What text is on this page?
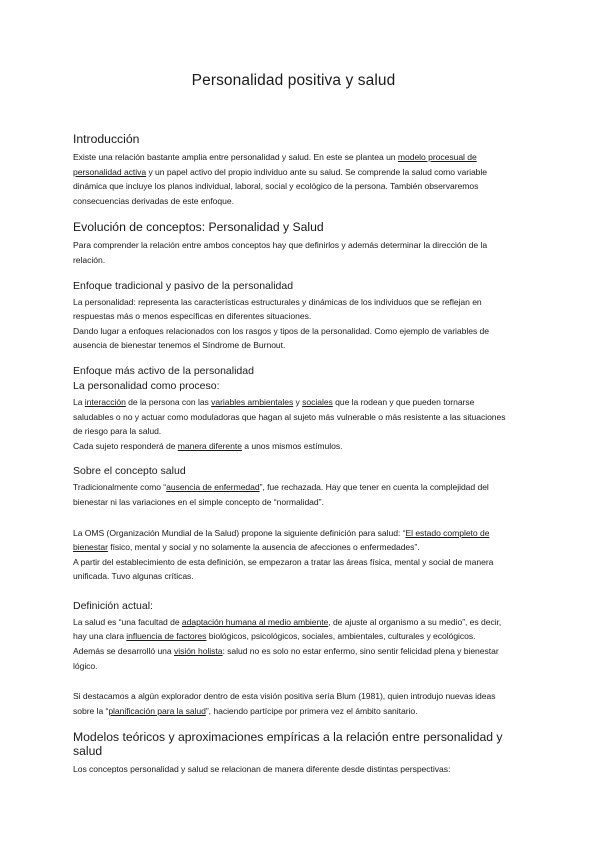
Personalidad positiva y salud
Introducción

Existe una relación bastante amplia entre personalidad y salud. En este se plantea un modelo procesual de personalidad activa y un papel activo del propio individuo ante su salud. Se comprende la salud como variable dinámica que incluye los planos individual, laboral, social y ecológico de la persona. También observaremos consecuencias derivadas de este enfoque.

Evolución de conceptos: Personalidad y Salud

Para comprender la relación entre ambos conceptos hay que definirlos y además determinar la dirección de la relación.

Enfoque tradicional y pasivo de la personalidad

La personalidad: representa las características estructurales y dinámicas de los individuos que se reflejan en respuestas más o menos específicas en diferentes situaciones.

Dando lugar a enfoques relacionados con los rasgos y tipos de la personalidad. Como ejemplo de variables de ausencia de bienestar tenemos el Síndrome de Burnout.

Enfoque más activo de la personalidad
La personalidad como proceso:

La interacción de la persona con las variables ambientales y sociales que la rodean y que pueden tornarse saludables o no y actuar como moduladoras que hagan al sujeto más vulnerable o más resistente a las situaciones de riesgo para la salud.

Cada sujeto responderá de manera diferente a unos mismos estímulos.

Sobre el concepto salud

Tradicionalmente como “ausencia de enfermedad”, fue rechazada. Hay que tener en cuenta la complejidad del bienestar ni las variaciones en el simple concepto de “normalidad”.

La OMS (Organización Mundial de la Salud) propone la siguiente definición para salud: “El estado completo de bienestar físico, mental y social y no solamente la ausencia de afecciones o enfermedades”.

A partir del establecimiento de esta definición, se empezaron a tratar las áreas física, mental y social de manera unificada. Tuvo algunas críticas.

Definición actual:

La salud es “una facultad de adaptación humana al medio ambiente, de ajuste al organismo a su medio”, es decir, hay una clara influencia de factores biológicos, psicológicos, sociales, ambientales, culturales y ecológicos.

Además se desarrolló una visión holista: salud no es solo no estar enfermo, sino sentir felicidad plena y bienestar lógico.

Si destacamos a algún explorador dentro de esta visión positiva sería Blum (1981), quien introdujo nuevas ideas sobre la “planificación para la salud”, haciendo partícipe por primera vez el ámbito sanitario.

Modelos teóricos y aproximaciones empíricas a la relación entre personalidad y salud

Los conceptos personalidad y salud se relacionan de manera diferente desde distintas perspectivas:
